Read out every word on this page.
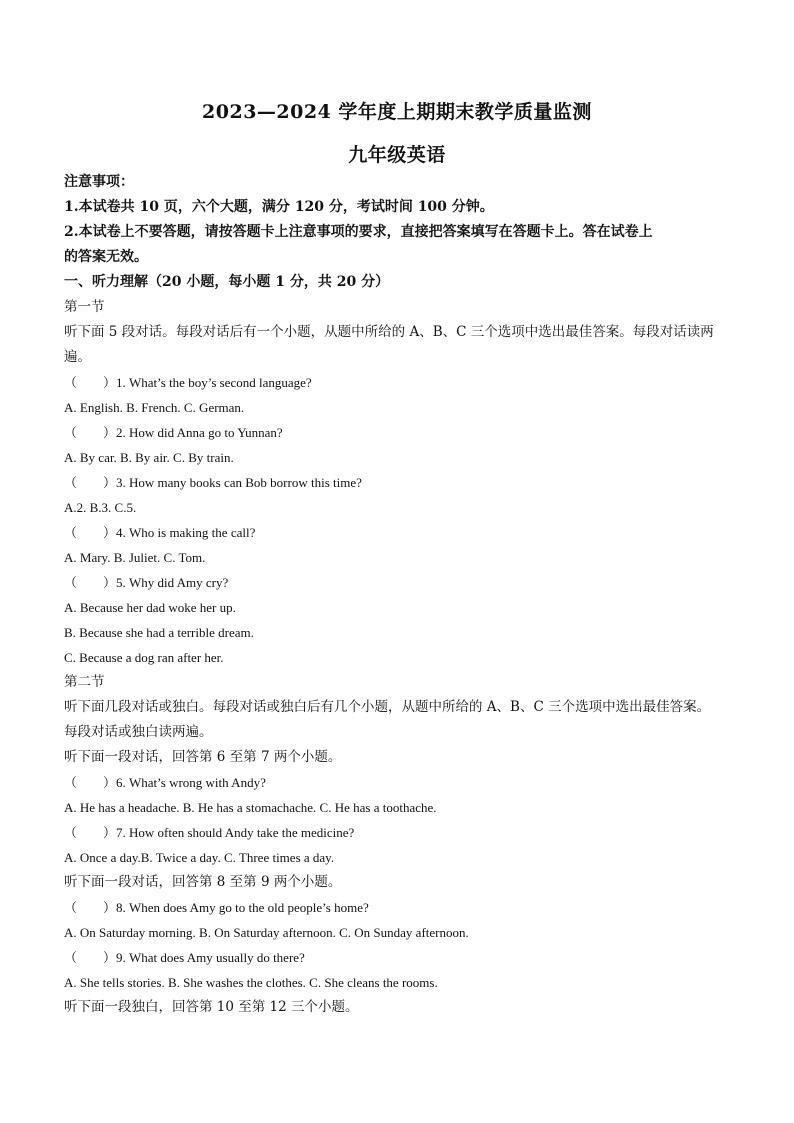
2023—2024 学年度上期期末教学质量监测
九年级英语
注意事项：
1.本试卷共 10 页，六个大题，满分 120 分，考试时间 100 分钟。
2.本试卷上不要答题，请按答题卡上注意事项的要求，直接把答案填写在答题卡上。答在试卷上
的答案无效。
一、听力理解（20 小题，每小题 1 分，共 20 分）
第一节
听下面 5 段对话。每段对话后有一个小题，从题中所给的 A、B、C 三个选项中选出最佳答案。每段对话读两
遍。
（　　）1. What’s the boy’s second language?
A. English. B. French. C. German.
（　　）2. How did Anna go to Yunnan?
A. By car. B. By air. C. By train.
（　　）3. How many books can Bob borrow this time?
A.2. B.3. C.5.
（　　）4. Who is making the call?
A. Mary. B. Juliet. C. Tom.
（　　）5. Why did Amy cry?
A. Because her dad woke her up.
B. Because she had a terrible dream.
C. Because a dog ran after her.
第二节
听下面几段对话或独白。每段对话或独白后有几个小题，从题中所给的 A、B、C 三个选项中选出最佳答案。
每段对话或独白读两遍。
听下面一段对话，回答第 6 至第 7 两个小题。
（　　）6. What’s wrong with Andy?
A. He has a headache. B. He has a stomachache. C. He has a toothache.
（　　）7. How often should Andy take the medicine?
A. Once a day.B. Twice a day. C. Three times a day.
听下面一段对话，回答第 8 至第 9 两个小题。
（　　）8. When does Amy go to the old people’s home?
A. On Saturday morning. B. On Saturday afternoon. C. On Sunday afternoon.
（　　）9. What does Amy usually do there?
A. She tells stories. B. She washes the clothes. C. She cleans the rooms.
听下面一段独白，回答第 10 至第 12 三个小题。
